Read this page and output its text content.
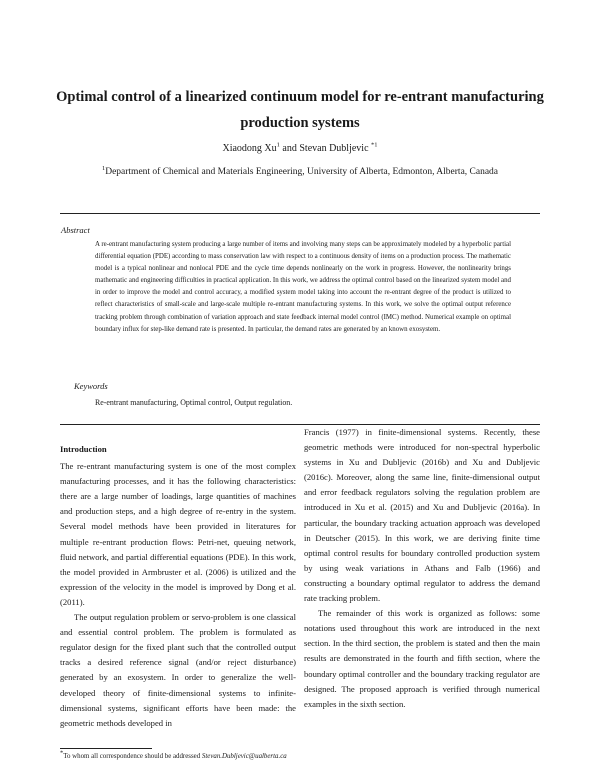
Optimal control of a linearized continuum model for re-entrant manufacturing production systems
Xiaodong Xu$^1$ and Stevan Dubljevic $^{*1}$
$^1$Department of Chemical and Materials Engineering, University of Alberta, Edmonton, Alberta, Canada
Abstract

A re-entrant manufacturing system producing a large number of items and involving many steps can be approximately modeled by a hyperbolic partial differential equation (PDE) according to mass conservation law with respect to a continuous density of items on a production process. The mathematic model is a typical nonlinear and nonlocal PDE and the cycle time depends nonlinearly on the work in progress. However, the nonlinearity brings mathematic and engineering difficulties in practical application. In this work, we address the optimal control based on the linearized system model and in order to improve the model and control accuracy, a modified system model taking into account the re-entrant degree of the product is utilized to reflect characteristics of small-scale and large-scale multiple re-entrant manufacturing systems. In this work, we solve the optimal output reference tracking problem through combination of variation approach and state feedback internal model control (IMC) method. Numerical example on optimal boundary influx for step-like demand rate is presented. In particular, the demand rates are generated by an known exosystem.

Keywords
Re-entrant manufacturing, Optimal control, Output regulation.
Introduction

The re-entrant manufacturing system is one of the most complex manufacturing processes, and it has the following characteristics: there are a large number of loadings, large quantities of machines and production steps, and a high degree of re-entry in the system. Several model methods have been provided in literatures for multiple re-entrant production flows: Petri-net, queuing network, fluid network, and partial differential equations (PDE). In this work, the model provided in Armbruster et al. (2006) is utilized and the expression of the velocity in the model is improved by Dong et al. (2011).

The output regulation problem or servo-problem is one classical and essential control problem. The problem is formulated as regulator design for the fixed plant such that the controlled output tracks a desired reference signal (and/or reject disturbance) generated by an exosystem. In order to generalize the well-developed theory of finite-dimensional systems to infinite-dimensional systems, significant efforts have been made: the geometric methods developed in

Francis (1977) in finite-dimensional systems. Recently, these geometric methods were introduced for non-spectral hyperbolic systems in Xu and Dubljevic (2016b) and Xu and Dubljevic (2016c). Moreover, along the same line, finite-dimensional output and error feedback regulators solving the regulation problem are introduced in Xu et al. (2015) and Xu and Dubljevic (2016a). In particular, the boundary tracking actuation approach was developed in Deutscher (2015). In this work, we are deriving finite time optimal control results for boundary controlled production system by using weak variations in Athans and Falb (1966) and constructing a boundary optimal regulator to address the demand rate tracking problem.

The remainder of this work is organized as follows: some notations used throughout this work are introduced in the next section. In the third section, the problem is stated and then the main results are demonstrated in the fourth and fifth section, where the boundary optimal controller and the boundary tracking regulator are designed. The proposed approach is verified through numerical examples in the sixth section.

*To whom all correspondence should be addressed Stevan.Dubljevic@ualberta.ca
